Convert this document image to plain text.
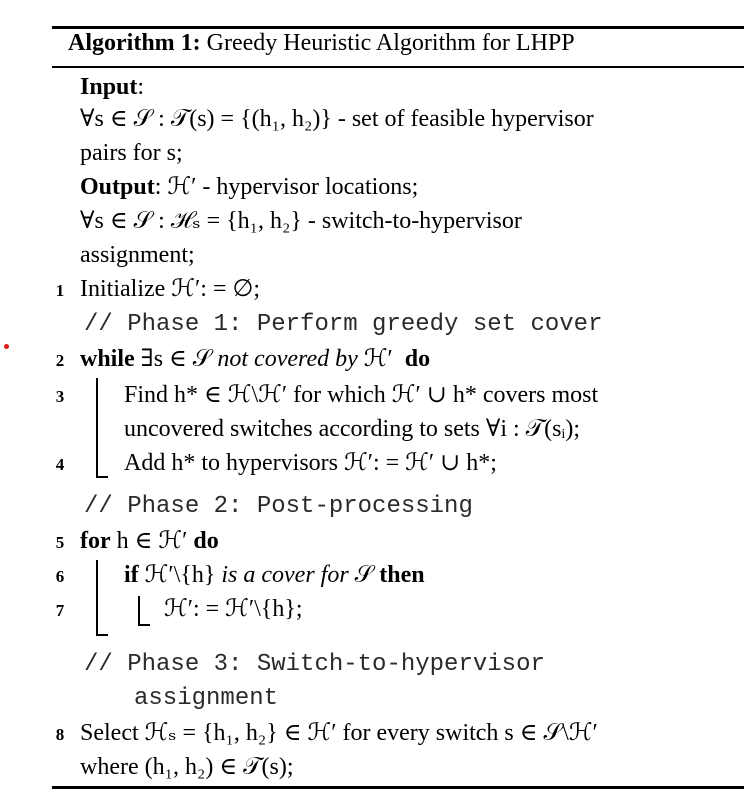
Algorithm 1: Greedy Heuristic Algorithm for LHPP
Input:
∀s ∈ 𝒮 : 𝒯(s) = {(h₁, h₂)} - set of feasible hypervisor
pairs for s;
Output: ℋ′ - hypervisor locations;
∀s ∈ 𝒮 : ℋₛ = {h₁, h₂} - switch-to-hypervisor
assignment;
1 Initialize ℋ′: = ∅;
// Phase 1: Perform greedy set cover
2 while ∃s ∈ 𝒮 not covered by ℋ′ do
3 Find h* ∈ ℋ\ℋ′ for which ℋ′ ∪ h* covers most
uncovered switches according to sets ∀i : 𝒯(sᵢ);
4 Add h* to hypervisors ℋ′: = ℋ′ ∪ h*;
// Phase 2: Post-processing
5 for h ∈ ℋ′ do
6 if ℋ′\{h} is a cover for 𝒮 then
7	ℋ′: = ℋ′\{h};
// Phase 3: Switch-to-hypervisor
assignment
8 Select ℋₛ = {h₁, h₂} ∈ ℋ′ for every switch s ∈ 𝒮\ℋ′
where (h₁, h₂) ∈ 𝒯(s);
